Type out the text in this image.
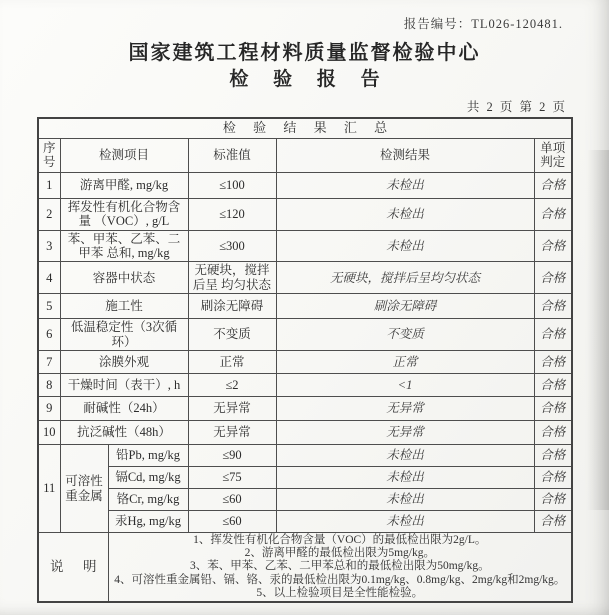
报告编号：TL026-120481.
国家建筑工程材料质量监督检验中心
检 验 报 告
共 2 页 第 2 页
检 验 结 果 汇 总					
序号	检测项目		标准值	检测结果	单项判定
1	游离甲醛, mg/kg		≤100	未检出	合格
2	挥发性有机化合物含量 （VOC）, g/L		≤120	未检出	合格
3	苯、甲苯、乙苯、二甲苯 总和, mg/kg		≤300	未检出	合格
4	容器中状态		无硬块，搅拌后呈 均匀状态	无硬块，搅拌后呈均匀状态	合格
5	施工性		刷涂无障碍	刷涂无障碍	合格
6	低温稳定性（3次循环）		不变质	不变质	合格
7	涂膜外观		正常	正常	合格
8	干燥时间（表干）, h		≤2	<1	合格
9	耐碱性（24h）		无异常	无异常	合格
10	抗泛碱性（48h）		无异常	无异常	合格
11	可溶性重金属	铅Pb, mg/kg	≤90	未检出	合格
		镉Cd, mg/kg	≤75	未检出	合格
		铬Cr, mg/kg	≤60	未检出	合格
		汞Hg, mg/kg	≤60	未检出	合格

说明		1、挥发性有机化合物含量（VOC）的最低检出限为2g/L。
2、游离甲醛的最低检出限为5mg/kg。
3、苯、甲苯、乙苯、二甲苯总和的最低检出限为50mg/kg。
4、可溶性重金属铅、镉、铬、汞的最低检出限为0.1mg/kg、0.8mg/kg、2mg/kg和2mg/kg。
5、以上检验项目是全性能检验。			
